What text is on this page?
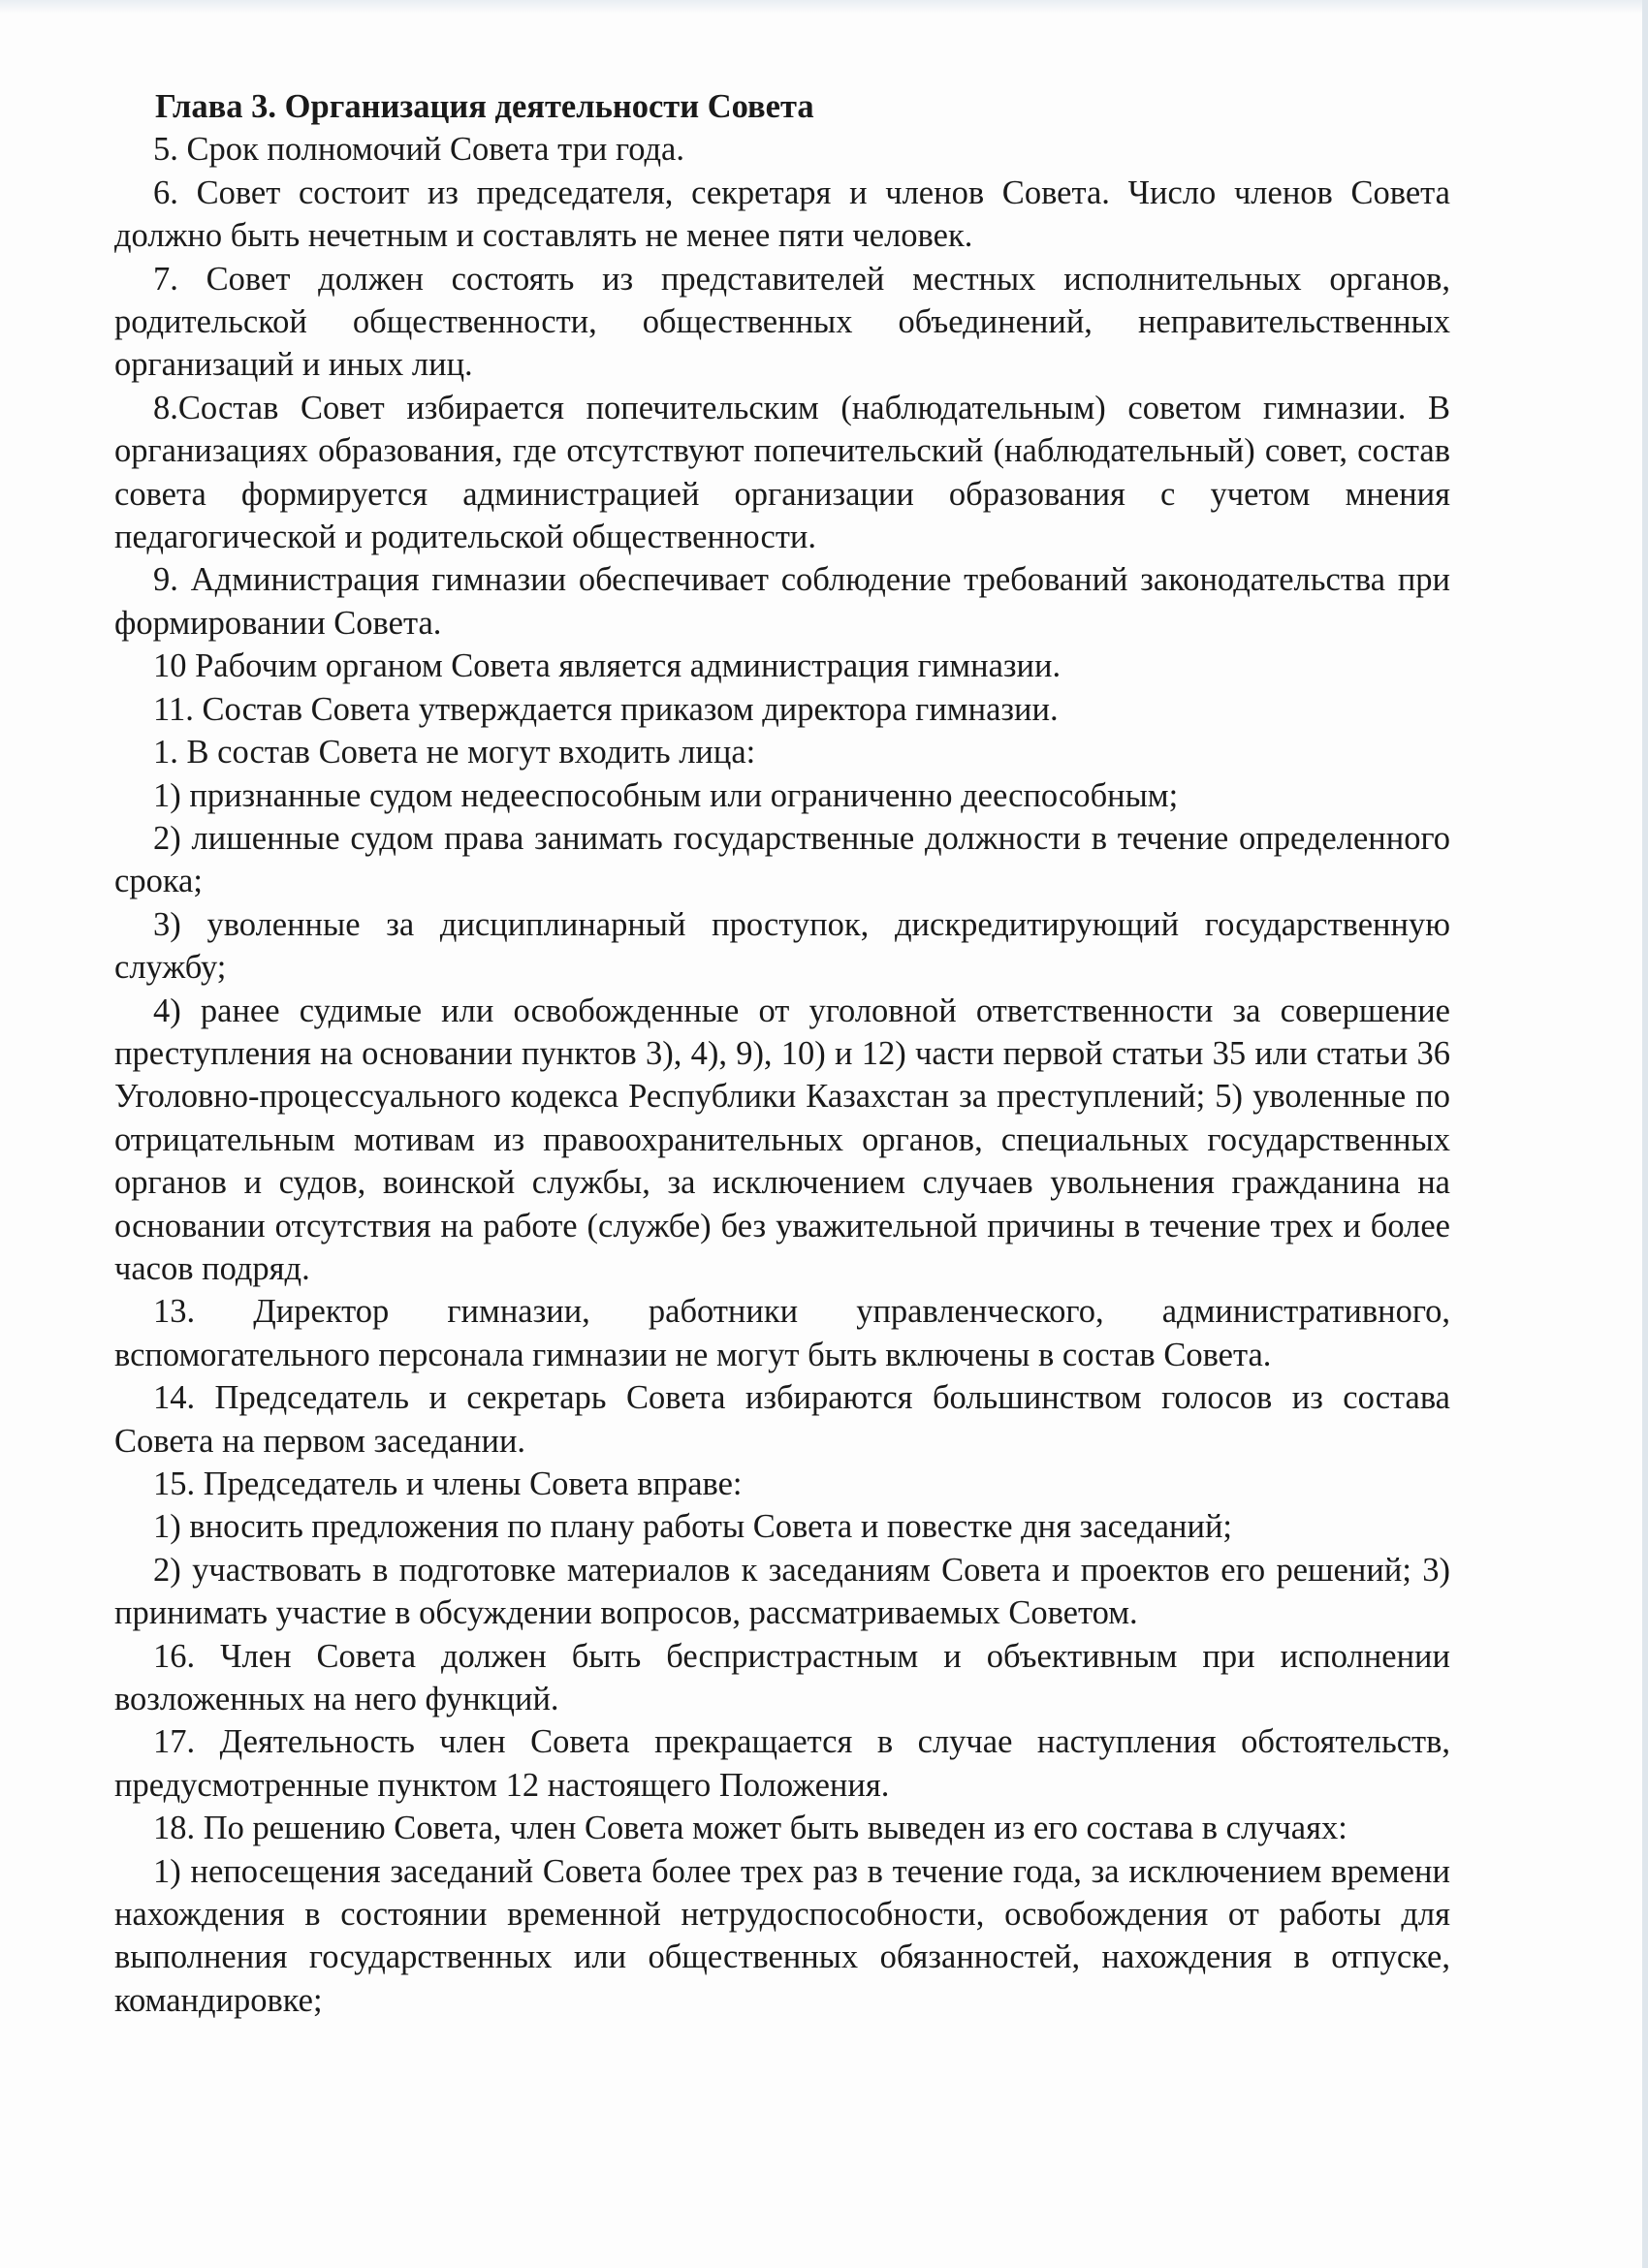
Глава 3. Организация деятельности Совета

5. Срок полномочий Совета три года.

6. Совет состоит из председателя, секретаря и членов Совета. Число членов Совета должно быть нечетным и составлять не менее пяти человек.

7. Совет должен состоять из представителей местных исполнительных органов, родительской общественности, общественных объединений, неправительственных организаций и иных лиц.

8.Состав Совет избирается попечительским (наблюдательным) советом гимназии. В организациях образования, где отсутствуют попечительский (наблюдательный) совет, состав совета формируется администрацией организации образования с учетом мнения педагогической и родительской общественности.

9. Администрация гимназии обеспечивает соблюдение требований законодательства при формировании Совета.

10 Рабочим органом Совета является администрация гимназии.

11. Состав Совета утверждается приказом директора гимназии.

1. В состав Совета не могут входить лица:

1) признанные судом недееспособным или ограниченно дееспособным;

2) лишенные судом права занимать государственные должности в течение определенного срока;

3) уволенные за дисциплинарный проступок, дискредитирующий государственную службу;

4) ранее судимые или освобожденные от уголовной ответственности за совершение преступления на основании пунктов 3), 4), 9), 10) и 12) части первой статьи 35 или статьи 36 Уголовно-процессуального кодекса Республики Казахстан за преступлений; 5) уволенные по отрицательным мотивам из правоохранительных органов, специальных государственных органов и судов, воинской службы, за исключением случаев увольнения гражданина на основании отсутствия на работе (службе) без уважительной причины в течение трех и более часов подряд.

13. Директор гимназии, работники управленческого, административного, вспомогательного персонала гимназии не могут быть включены в состав Совета.

14. Председатель и секретарь Совета избираются большинством голосов из состава Совета на первом заседании.

15. Председатель и члены Совета вправе:

1) вносить предложения по плану работы Совета и повестке дня заседаний;

2) участвовать в подготовке материалов к заседаниям Совета и проектов его решений; 3) принимать участие в обсуждении вопросов, рассматриваемых Советом.

16. Член Совета должен быть беспристрастным и объективным при исполнении возложенных на него функций.

17. Деятельность член Совета прекращается в случае наступления обстоятельств, предусмотренные пунктом 12 настоящего Положения.

18. По решению Совета, член Совета может быть выведен из его состава в случаях:

1) непосещения заседаний Совета более трех раз в течение года, за исключением времени нахождения в состоянии временной нетрудоспособности, освобождения от работы для выполнения государственных или общественных обязанностей, нахождения в отпуске, командировке;
